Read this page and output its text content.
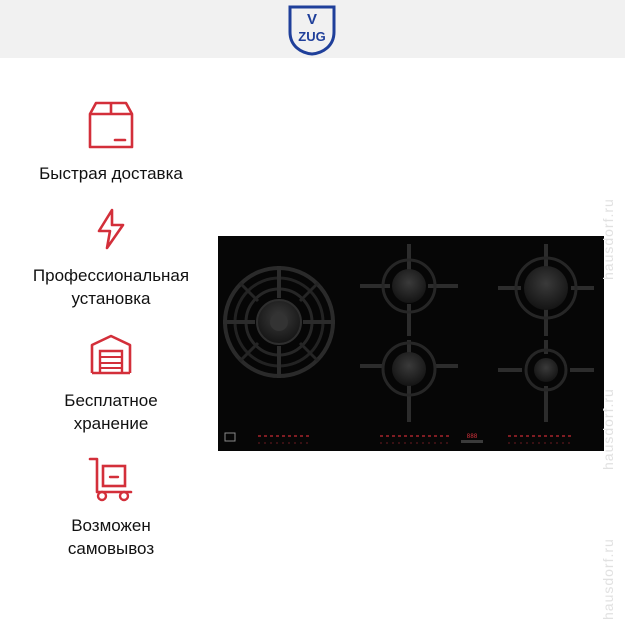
V
ZUG
Быстрая доставка
Профессиональная
установка
Бесплатное
хранение
Возможен
самовывоз
888
hausdorf.ru
hausdorf.ru
hausdorf.ru
